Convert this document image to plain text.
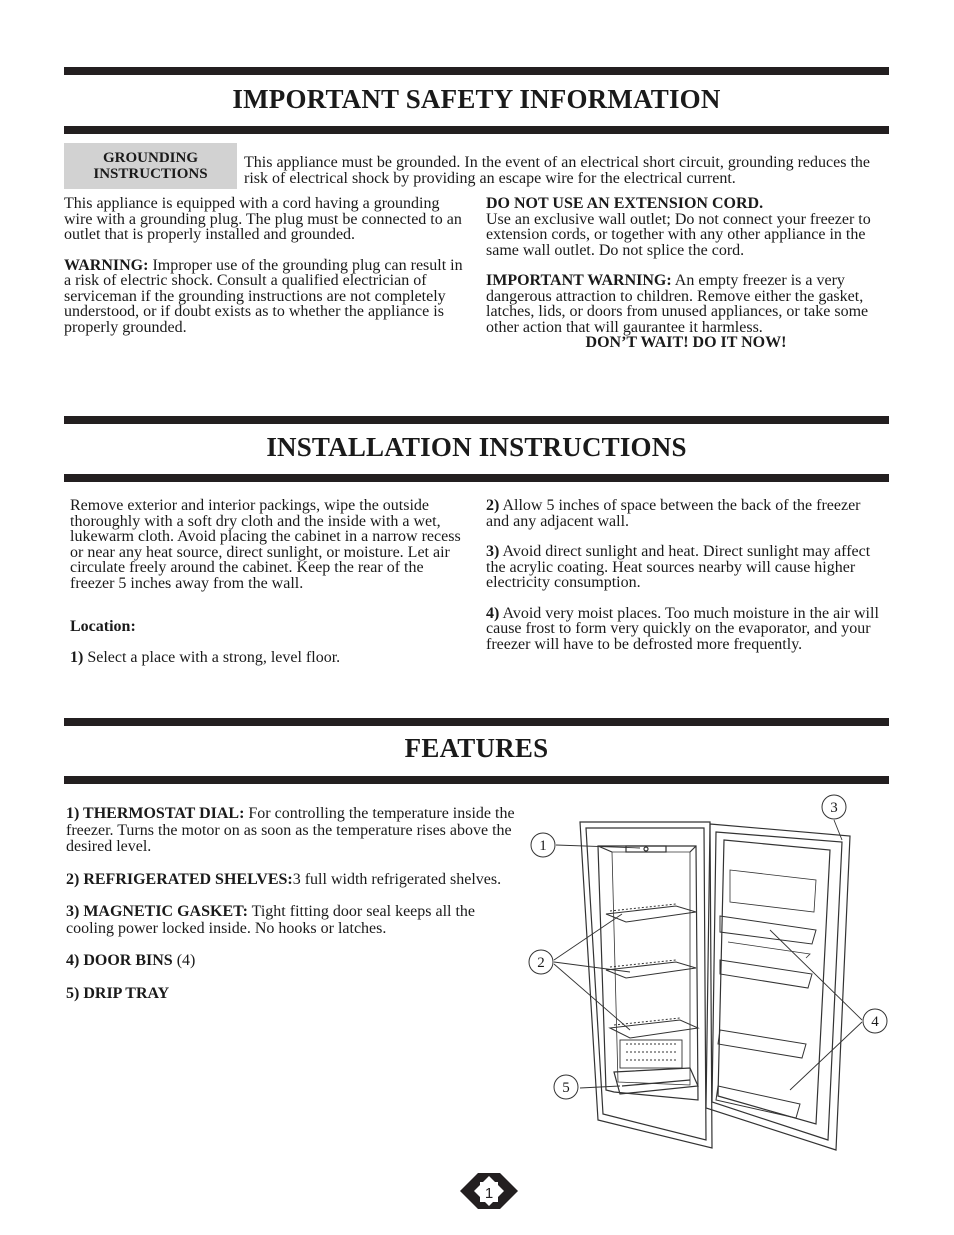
IMPORTANT SAFETY INFORMATION
GROUNDING
INSTRUCTIONS
This appliance must be grounded. In the event of an electrical short circuit, grounding reduces the risk of electrical shock by providing an escape wire for the electrical current.

This appliance is equipped with a cord having a grounding wire with a grounding plug. The plug must be connected to an outlet that is properly installed and grounded.

WARNING: Improper use of the grounding plug can result in a risk of electric shock. Consult a qualified electrician of serviceman if the grounding instructions are not completely understood, or if doubt exists as to whether the appliance is properly grounded.

DO NOT USE AN EXTENSION CORD.

Use an exclusive wall outlet; Do not connect your freezer to extension cords, or together with any other appliance in the same wall outlet. Do not splice the cord.

IMPORTANT WARNING: An empty freezer is a very dangerous attraction to children. Remove either the gasket, latches, lids, or doors from unused appliances, or take some other action that will gaurantee it harmless.

DON’T WAIT! DO IT NOW!

INSTALLATION INSTRUCTIONS

Remove exterior and interior packings, wipe the outside thoroughly with a soft dry cloth and the inside with a wet, lukewarm cloth. Avoid placing the cabinet in a narrow recess or near any heat source, direct sunlight, or moisture. Let air circulate freely around the cabinet. Keep the rear of the freezer 5 inches away from the wall.

Location:

1) Select a place with a strong, level floor.

2) Allow 5 inches of space between the back of the freezer and any adjacent wall.

3) Avoid direct sunlight and heat. Direct sunlight may affect the acrylic coating. Heat sources nearby will cause higher electricity consumption.

4) Avoid very moist places. Too much moisture in the air will cause frost to form very quickly on the evaporator, and your freezer will have to be defrosted more frequently.

FEATURES

1) THERMOSTAT DIAL: For controlling the temperature inside the freezer. Turns the motor on as soon as the temperature rises above the desired level.

2) REFRIGERATED SHELVES:3 full width refrigerated shelves.

3) MAGNETIC GASKET: Tight fitting door seal keeps all the cooling power locked inside. No hooks or latches.

4) DOOR BINS (4)

5) DRIP TRAY

1
2
3
4
5
1
